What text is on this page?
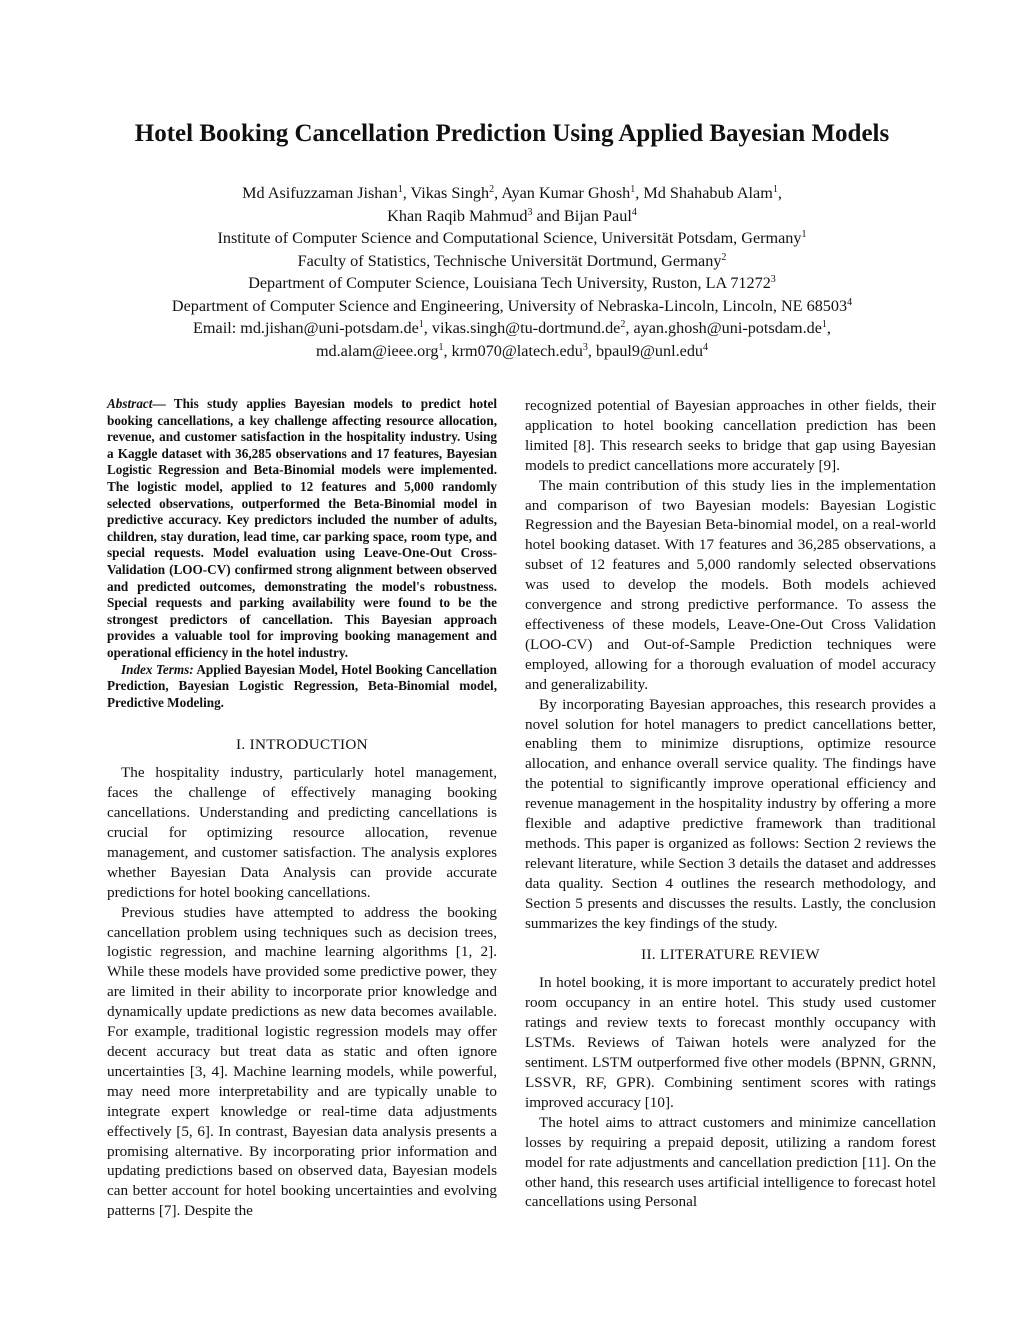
Hotel Booking Cancellation Prediction Using Applied Bayesian Models
Md Asifuzzaman Jishan$^1$, Vikas Singh$^2$, Ayan Kumar Ghosh$^1$, Md Shahabub Alam$^1$,
Khan Raqib Mahmud$^3$ and Bijan Paul$^4$
Institute of Computer Science and Computational Science, Universität Potsdam, Germany$^1$
Faculty of Statistics, Technische Universität Dortmund, Germany$^2$
Department of Computer Science, Louisiana Tech University, Ruston, LA 71272$^3$
Department of Computer Science and Engineering, University of Nebraska-Lincoln, Lincoln, NE 68503$^4$
Email: $md.jishan@uni-potsdam.de^1$, $vikas.singh@tu-dortmund.de^2$, $ayan.ghosh@uni-potsdam.de^1$,
md.alam@ieee.org$^1$, krm070@latech.edu$^3$, bpaul9@unl.edu$^4$

Abstract— This study applies Bayesian models to predict hotel booking cancellations, a key challenge affecting resource allocation, revenue, and customer satisfaction in the hospitality industry. Using a Kaggle dataset with 36,285 observations and 17 features, Bayesian Logistic Regression and Beta-Binomial models were implemented. The logistic model, applied to 12 features and 5,000 randomly selected observations, outperformed the Beta-Binomial model in predictive accuracy. Key predictors included the number of adults, children, stay duration, lead time, car parking space, room type, and special requests. Model evaluation using Leave-One-Out Cross-Validation (LOO-CV) confirmed strong alignment between observed and predicted outcomes, demonstrating the model's robustness. Special requests and parking availability were found to be the strongest predictors of cancellation. This Bayesian approach provides a valuable tool for improving booking management and operational efficiency in the hotel industry.

Index Terms: Applied Bayesian Model, Hotel Booking Cancellation Prediction, Bayesian Logistic Regression, Beta-Binomial model, Predictive Modeling.

I. INTRODUCTION

The hospitality industry, particularly hotel management, faces the challenge of effectively managing booking cancellations. Understanding and predicting cancellations is crucial for optimizing resource allocation, revenue management, and customer satisfaction. The analysis explores whether Bayesian Data Analysis can provide accurate predictions for hotel booking cancellations.

Previous studies have attempted to address the booking cancellation problem using techniques such as decision trees, logistic regression, and machine learning algorithms [1, 2]. While these models have provided some predictive power, they are limited in their ability to incorporate prior knowledge and dynamically update predictions as new data becomes available. For example, traditional logistic regression models may offer decent accuracy but treat data as static and often ignore uncertainties [3, 4]. Machine learning models, while powerful, may need more interpretability and are typically unable to integrate expert knowledge or real-time data adjustments effectively [5, 6]. In contrast, Bayesian data analysis presents a promising alternative. By incorporating prior information and updating predictions based on observed data, Bayesian models can better account for hotel booking uncertainties and evolving patterns [7]. Despite the

recognized potential of Bayesian approaches in other fields, their application to hotel booking cancellation prediction has been limited [8]. This research seeks to bridge that gap using Bayesian models to predict cancellations more accurately [9].

The main contribution of this study lies in the implementation and comparison of two Bayesian models: Bayesian Logistic Regression and the Bayesian Beta-binomial model, on a real-world hotel booking dataset. With 17 features and 36,285 observations, a subset of 12 features and 5,000 randomly selected observations was used to develop the models. Both models achieved convergence and strong predictive performance. To assess the effectiveness of these models, Leave-One-Out Cross Validation (LOO-CV) and Out-of-Sample Prediction techniques were employed, allowing for a thorough evaluation of model accuracy and generalizability.

By incorporating Bayesian approaches, this research provides a novel solution for hotel managers to predict cancellations better, enabling them to minimize disruptions, optimize resource allocation, and enhance overall service quality. The findings have the potential to significantly improve operational efficiency and revenue management in the hospitality industry by offering a more flexible and adaptive predictive framework than traditional methods. This paper is organized as follows: Section 2 reviews the relevant literature, while Section 3 details the dataset and addresses data quality. Section 4 outlines the research methodology, and Section 5 presents and discusses the results. Lastly, the conclusion summarizes the key findings of the study.

II. LITERATURE REVIEW

In hotel booking, it is more important to accurately predict hotel room occupancy in an entire hotel. This study used customer ratings and review texts to forecast monthly occupancy with LSTMs. Reviews of Taiwan hotels were analyzed for the sentiment. LSTM outperformed five other models (BPNN, GRNN, LSSVR, RF, GPR). Combining sentiment scores with ratings improved accuracy [10].

The hotel aims to attract customers and minimize cancellation losses by requiring a prepaid deposit, utilizing a random forest model for rate adjustments and cancellation prediction [11]. On the other hand, this research uses artificial intelligence to forecast hotel cancellations using Personal
